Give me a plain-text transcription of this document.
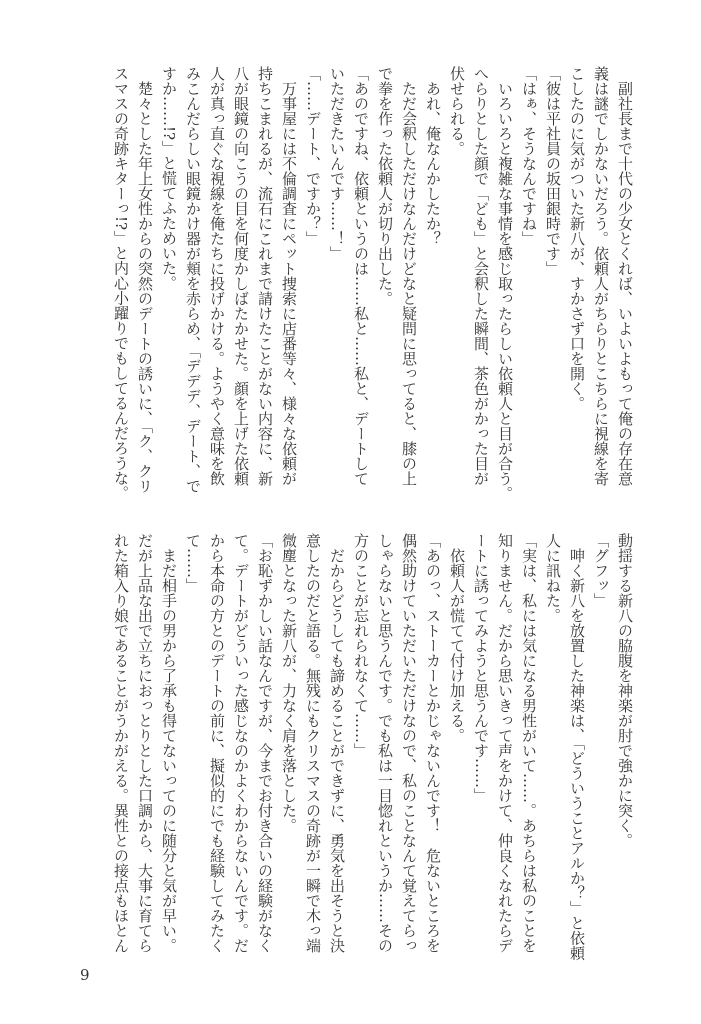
　副社長まで十代の少女とくれば、いよいよもって俺の存在意

義は謎でしかないだろう。依頼人がちらりとこちらに視線を寄

こしたのに気がついた新八が、すかさず口を開く。

「彼は平社員の坂田銀時です」

「はぁ、そうなんですね」

　いろいろと複雑な事情を感じ取ったらしい依頼人と目が合う。

へらりとした顔で「ども」と会釈した瞬間、茶色がかった目が

伏せられる。

　あれ、俺なんかしたか？

　ただ会釈しただけなんだけどなと疑問に思ってると、膝の上

で拳を作った依頼人が切り出した。

「あのですね、依頼というのは……私と……私と、デートして

いただきたいんです……！」

「……デート、ですか？」

　万事屋には不倫調査にペット捜索に店番等々、様々な依頼が

持ちこまれるが、流石にこれまで請けたことがない内容に、新

八が眼鏡の向こうの目を何度かしばたかせた。顔を上げた依頼

人が真っ直ぐな視線を俺たちに投げかける。ようやく意味を飲

みこんだらしい眼鏡かけ器が頬を赤らめ、「デデデ、デート、で

すか……!?」と慌てふためいた。

　楚々とした年上女性からの突然のデートの誘いに、「ク、クリ

スマスの奇跡キターっ!?」と内心小躍りでもしてるんだろうな。

動揺する新八の脇腹を神楽が肘で強かに突く。

「グフッ」

　呻く新八を放置した神楽は、「どういうことアルか？」と依頼

人に訊ねた。

「実は、私には気になる男性がいて……。あちらは私のことを

知りません。だから思いきって声をかけて、仲良くなれたらデ

ートに誘ってみようと思うんです……」

　依頼人が慌てて付け加える。

「あのっ、ストーカーとかじゃないんです！　危ないところを

偶然助けていただいただけなので、私のことなんて覚えてらっ

しゃらないと思うんです。でも私は一目惚れというか……その

方のことが忘れられなくて……」

　だからどうしても諦めることができずに、勇気を出そうと決

意したのだと語る。無残にもクリスマスの奇跡が一瞬で木っ端

微塵となった新八が、力なく肩を落とした。

「お恥ずかしい話なんですが、今までお付き合いの経験がなく

て。デートがどういった感じなのかよくわからないんです。だ

から本命の方とのデートの前に、擬似的にでも経験してみたく

て……」

　まだ相手の男から了承も得てないってのに随分と気が早い。

だが上品な出で立ちにおっとりとした口調から、大事に育てら

れた箱入り娘であることがうかがえる。異性との接点もほとん

9
